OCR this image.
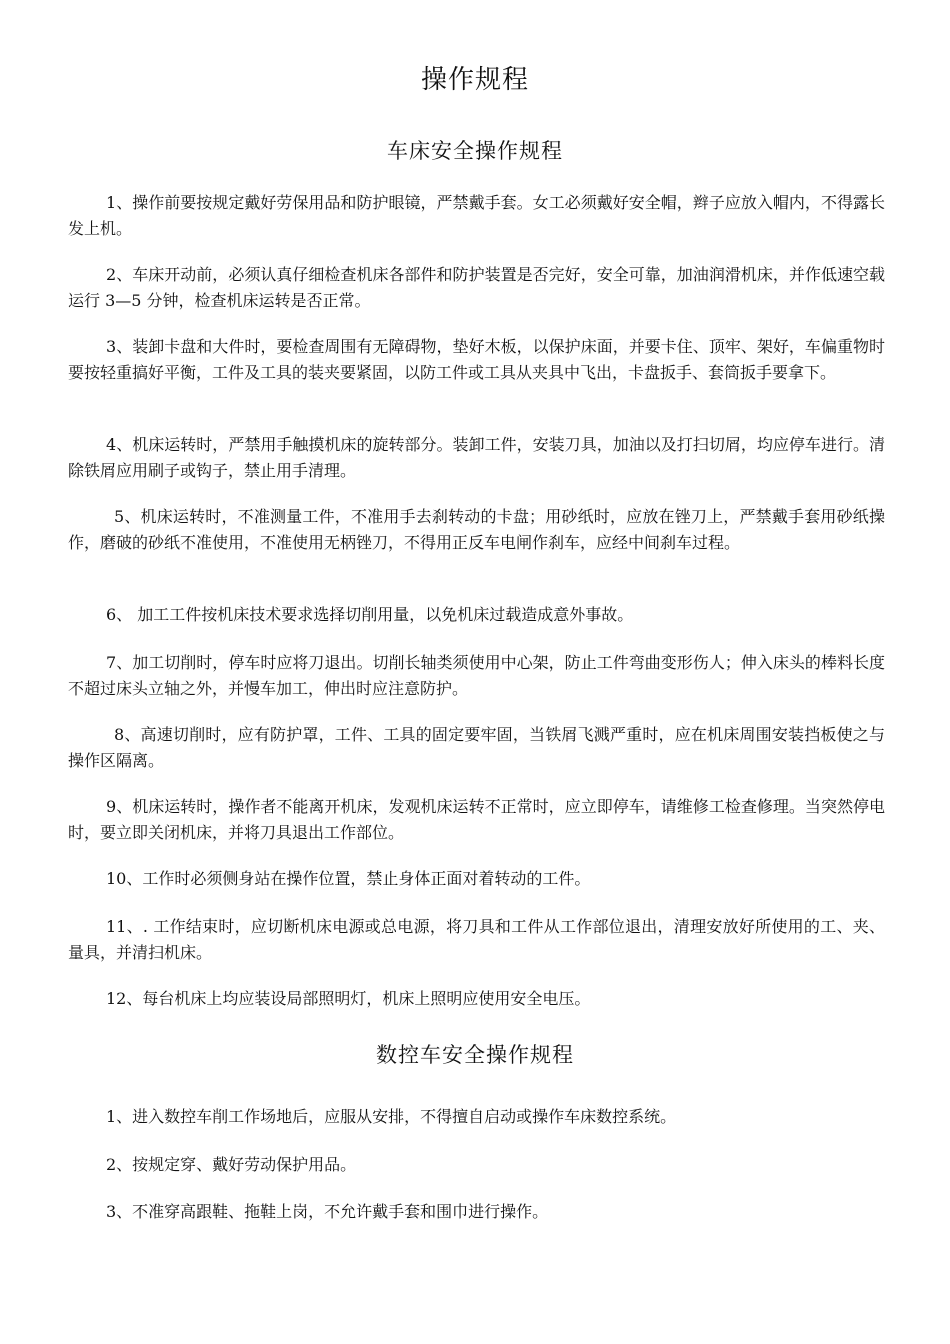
操作规程
车床安全操作规程

1、操作前要按规定戴好劳保用品和防护眼镜，严禁戴手套。女工必须戴好安全帽，辫子应放入帽内，不得露长发上机。

2、车床开动前，必须认真仔细检查机床各部件和防护装置是否完好，安全可靠，加油润滑机床，并作低速空载运行 3—5 分钟，检查机床运转是否正常。

3、装卸卡盘和大件时，要检查周围有无障碍物，垫好木板，以保护床面，并要卡住、顶牢、架好，车偏重物时要按轻重搞好平衡，工件及工具的装夹要紧固，以防工件或工具从夹具中飞出，卡盘扳手、套筒扳手要拿下。

4、机床运转时，严禁用手触摸机床的旋转部分。装卸工件，安装刀具，加油以及打扫切屑，均应停车进行。清除铁屑应用刷子或钩子，禁止用手清理。

5、机床运转时，不准测量工件，不准用手去刹转动的卡盘；用砂纸时，应放在锉刀上，严禁戴手套用砂纸操作，磨破的砂纸不准使用，不准使用无柄锉刀，不得用正反车电闸作刹车，应经中间刹车过程。

6、 加工工件按机床技术要求选择切削用量，以免机床过载造成意外事故。

7、加工切削时，停车时应将刀退出。切削长轴类须使用中心架，防止工件弯曲变形伤人；伸入床头的棒料长度不超过床头立轴之外，并慢车加工，伸出时应注意防护。

8、高速切削时，应有防护罩，工件、工具的固定要牢固，当铁屑飞溅严重时，应在机床周围安装挡板使之与操作区隔离。

9、机床运转时，操作者不能离开机床，发观机床运转不正常时，应立即停车，请维修工检查修理。当突然停电时，要立即关闭机床，并将刀具退出工作部位。

10、工作时必须侧身站在操作位置，禁止身体正面对着转动的工件。

11、. 工作结束时，应切断机床电源或总电源，将刀具和工件从工作部位退出，清理安放好所使用的工、夹、量具，并清扫机床。

12、每台机床上均应装设局部照明灯，机床上照明应使用安全电压。

数控车安全操作规程

1、进入数控车削工作场地后，应服从安排，不得擅自启动或操作车床数控系统。

2、按规定穿、戴好劳动保护用品。

3、不准穿高跟鞋、拖鞋上岗，不允许戴手套和围巾进行操作。
